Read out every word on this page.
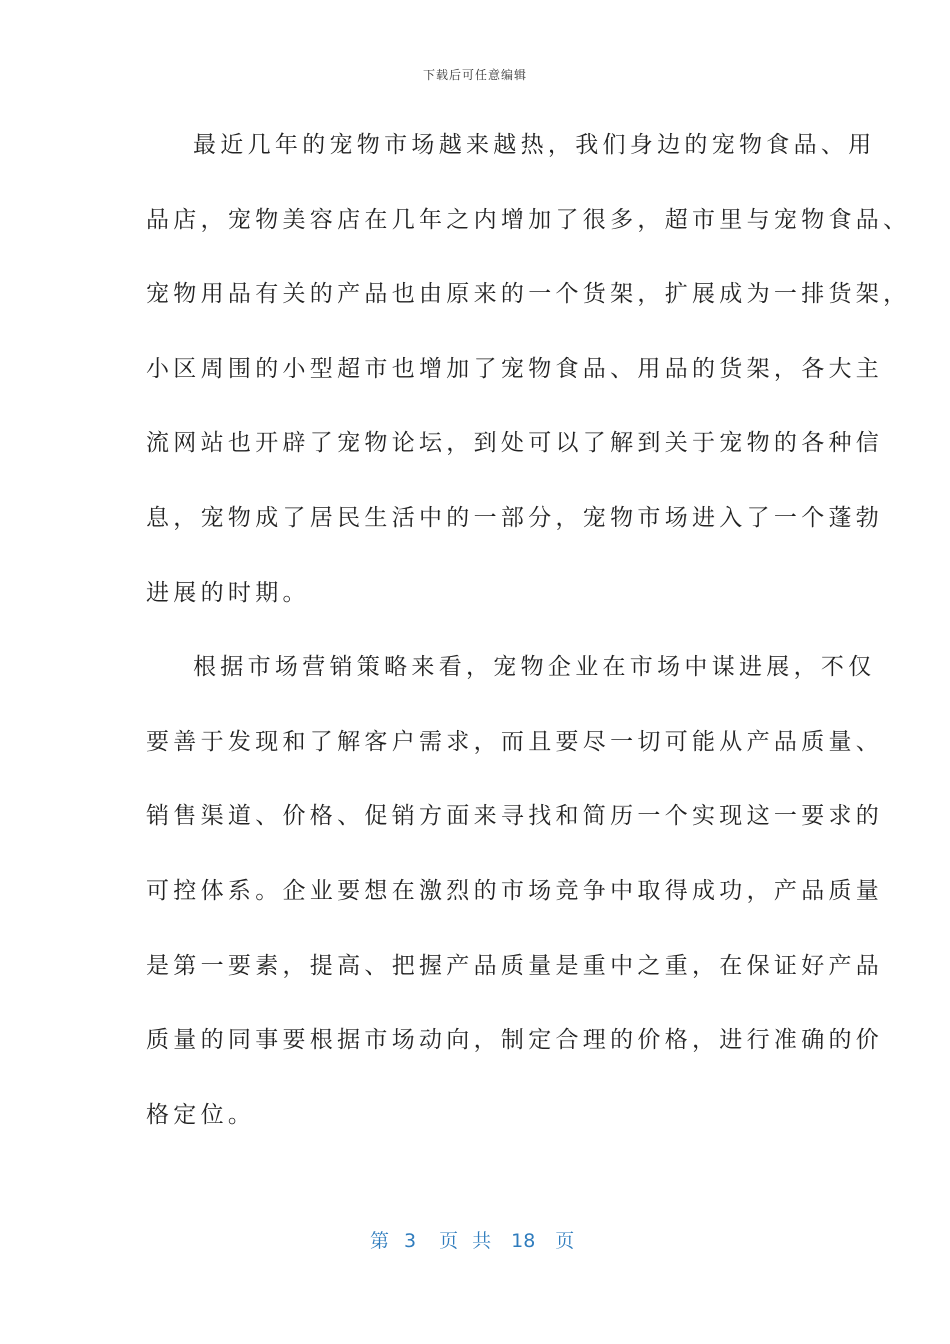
下载后可任意编辑
最近几年的宠物市场越来越热，我们身边的宠物食品、用
品店，宠物美容店在几年之内增加了很多，超市里与宠物食品、
宠物用品有关的产品也由原来的一个货架，扩展成为一排货架，
小区周围的小型超市也增加了宠物食品、用品的货架，各大主
流网站也开辟了宠物论坛，到处可以了解到关于宠物的各种信
息，宠物成了居民生活中的一部分，宠物市场进入了一个蓬勃
进展的时期。
根据市场营销策略来看，宠物企业在市场中谋进展，不仅
要善于发现和了解客户需求，而且要尽一切可能从产品质量、
销售渠道、价格、促销方面来寻找和简历一个实现这一要求的
可控体系。企业要想在激烈的市场竞争中取得成功，产品质量
是第一要素，提高、把握产品质量是重中之重，在保证好产品
质量的同事要根据市场动向，制定合理的价格，进行准确的价
格定位。
第 3 页 共 18 页
